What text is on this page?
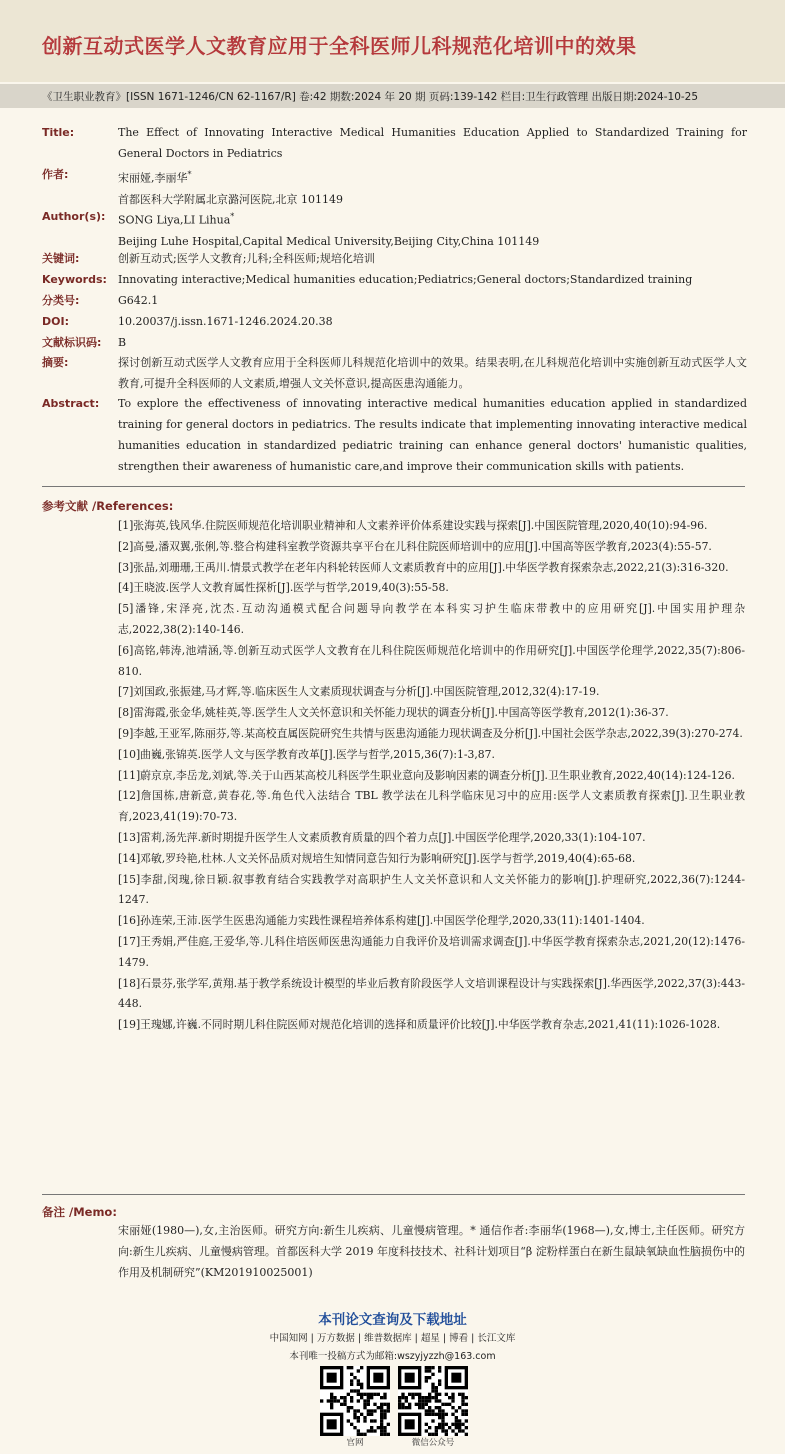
创新互动式医学人文教育应用于全科医师儿科规范化培训中的效果
《卫生职业教育》[ISSN 1671-1246/CN 62-1167/R] 卷:42 期数:2024 年 20 期 页码:139-142 栏目:卫生行政管理 出版日期:2024-10-25
Title:	The Effect of Innovating Interactive Medical Humanities Education Applied to Standardized Training for General Doctors in Pediatrics
作者:	宋丽娅,李丽华*
首都医科大学附属北京潞河医院,北京 101149
Author(s):	SONG Liya,LI Lihua*
Beijing Luhe Hospital,Capital Medical University,Beijing City,China 101149
关键词:	创新互动式;医学人文教育;儿科;全科医师;规培化培训
Keywords:	Innovating interactive;Medical humanities education;Pediatrics;General doctors;Standardized training
分类号:	G642.1
DOI:	10.20037/j.issn.1671-1246.2024.20.38
文献标识码:	B
摘要:	探讨创新互动式医学人文教育应用于全科医师儿科规范化培训中的效果。结果表明,在儿科规范化培训中实施创新互动式医学人文教育,可提升全科医师的人文素质,增强人文关怀意识,提高医患沟通能力。
Abstract:	To explore the effectiveness of innovating interactive medical humanities education applied in standardized training for general doctors in pediatrics. The results indicate that implementing innovating interactive medical humanities education in standardized pediatric training can enhance general doctors' humanistic qualities, strengthen their awareness of humanistic care,and improve their communication skills with patients.
参考文献 /References:
[1]张海英,钱风华.住院医师规范化培训职业精神和人文素养评价体系建设实践与探索[J].中国医院管理,2020,40(10):94-96.
[2]高曼,潘双翼,张俐,等.整合构建科室教学资源共享平台在儿科住院医师培训中的应用[J].中国高等医学教育,2023(4):55-57.
[3]张晶,刘珊珊,王禹川.情景式教学在老年内科轮转医师人文素质教育中的应用[J].中华医学教育探索杂志,2022,21(3):316-320.
[4]王晓波.医学人文教育属性探析[J].医学与哲学,2019,40(3):55-58.
[5]潘锋,宋泽亮,沈杰.互动沟通模式配合问题导向教学在本科实习护生临床带教中的应用研究[J].中国实用护理杂志,2022,38(2):140-146.
[6]高铭,韩涛,池靖涵,等.创新互动式医学人文教育在儿科住院医师规范化培训中的作用研究[J].中国医学伦理学,2022,35(7):806-810.
[7]刘国政,张振建,马才辉,等.临床医生人文素质现状调查与分析[J].中国医院管理,2012,32(4):17-19.
[8]雷海霞,张金华,姚桂英,等.医学生人文关怀意识和关怀能力现状的调查分析[J].中国高等医学教育,2012(1):36-37.
[9]李越,王亚军,陈丽芬,等.某高校直属医院研究生共情与医患沟通能力现状调查及分析[J].中国社会医学杂志,2022,39(3):270-274.
[10]曲巍,张锦英.医学人文与医学教育改革[J].医学与哲学,2015,36(7):1-3,87.
[11]蔚京京,李岳龙,刘斌,等.关于山西某高校儿科医学生职业意向及影响因素的调查分析[J].卫生职业教育,2022,40(14):124-126.
[12]詹国栋,唐新意,黄春花,等.角色代入法结合 TBL 教学法在儿科学临床见习中的应用:医学人文素质教育探索[J].卫生职业教育,2023,41(19):70-73.
[13]雷莉,汤先萍.新时期提升医学生人文素质教育质量的四个着力点[J].中国医学伦理学,2020,33(1):104-107.
[14]邓敏,罗玲艳,杜林.人文关怀品质对规培生知情同意告知行为影响研究[J].医学与哲学,2019,40(4):65-68.
[15]李甜,闵瑰,徐日颖.叙事教育结合实践教学对高职护生人文关怀意识和人文关怀能力的影响[J].护理研究,2022,36(7):1244-1247.
[16]孙连荣,王沛.医学生医患沟通能力实践性课程培养体系构建[J].中国医学伦理学,2020,33(11):1401-1404.
[17]王秀娟,严佳庭,王爱华,等.儿科住培医师医患沟通能力自我评价及培训需求调查[J].中华医学教育探索杂志,2021,20(12):1476-1479.
[18]石景芬,张学军,黄翔.基于教学系统设计模型的毕业后教育阶段医学人文培训课程设计与实践探索[J].华西医学,2022,37(3):443-448.
[19]王瑰娜,许巍.不同时期儿科住院医师对规范化培训的选择和质量评价比较[J].中华医学教育杂志,2021,41(11):1026-1028.
备注 /Memo:
宋丽娅(1980—),女,主治医师。研究方向:新生儿疾病、儿童慢病管理。* 通信作者:李丽华(1968—),女,博士,主任医师。研究方向:新生儿疾病、儿童慢病管理。首都医科大学 2019 年度科技技术、社科计划项目“β 淀粉样蛋白在新生鼠缺氧缺血性脑损伤中的作用及机制研究”(KM201910025001)
本刊论文查询及下载地址
中国知网 | 万方数据 | 维普数据库 | 超星 | 博看 | 长江文库
本刊唯一投稿方式为邮箱:wszyjyzzh@163.com
官网	微信公众号
